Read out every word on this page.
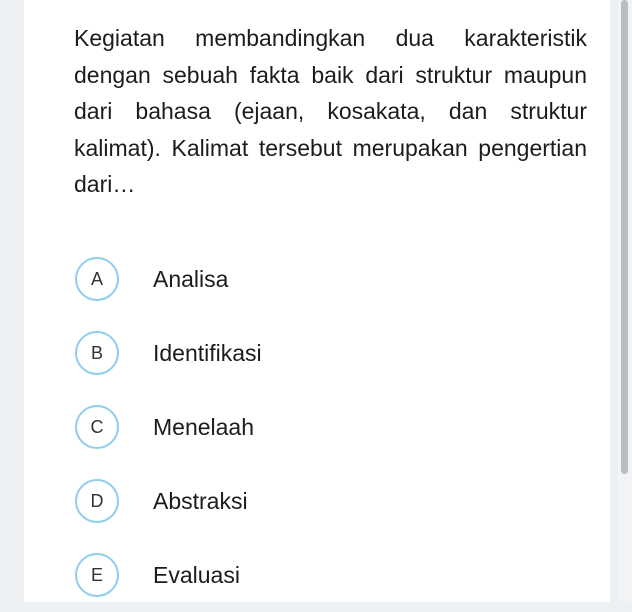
Kegiatan membandingkan dua karakteristik dengan sebuah fakta baik dari struktur maupun dari bahasa (ejaan, kosakata, dan struktur kalimat). Kalimat tersebut merupakan pengertian dari…

A	Analisa
B	Identifikasi
C	Menelaah
D	Abstraksi
E	Evaluasi
